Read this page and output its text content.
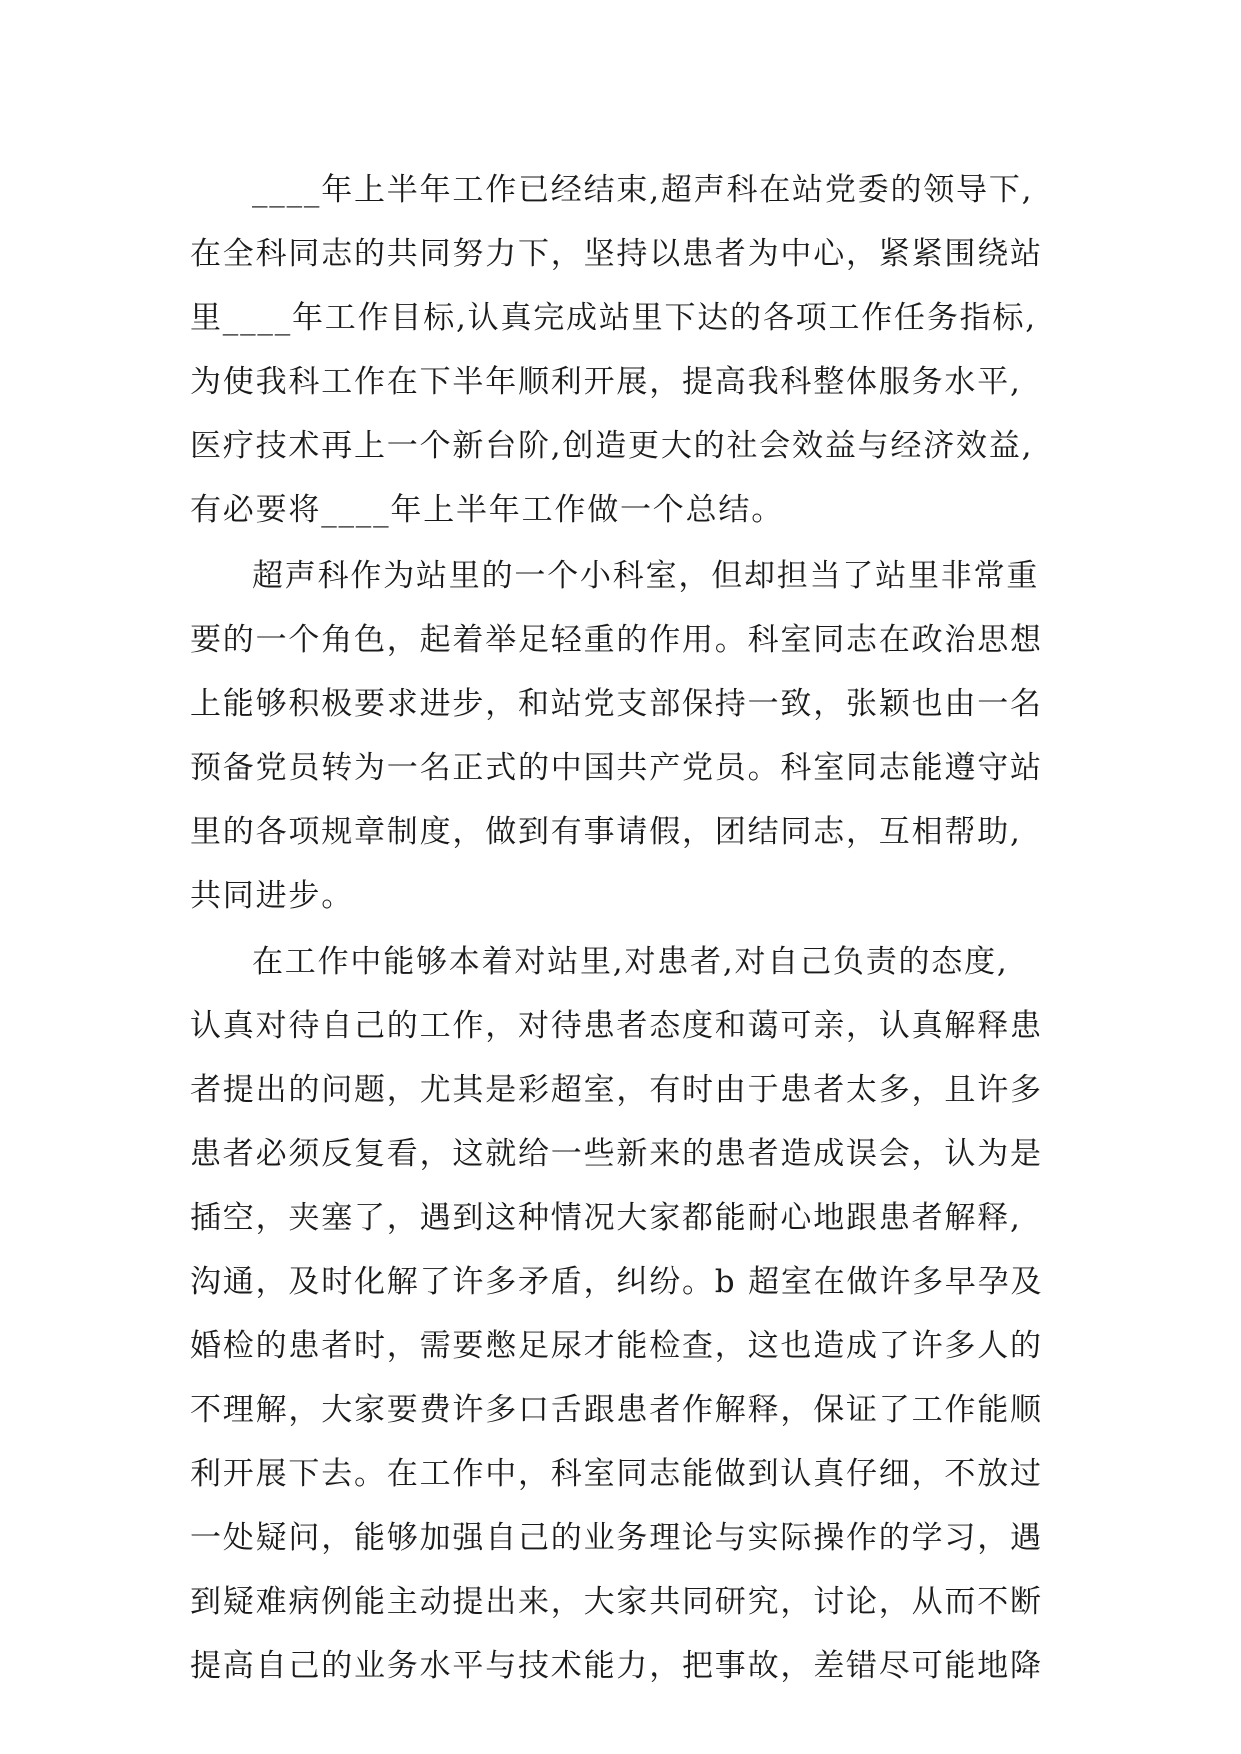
____年上半年工作已经结束,超声科在站党委的领导下,
在全科同志的共同努力下，坚持以患者为中心，紧紧围绕站
里____年工作目标,认真完成站里下达的各项工作任务指标,
为使我科工作在下半年顺利开展，提高我科整体服务水平,
医疗技术再上一个新台阶,创造更大的社会效益与经济效益,
有必要将____年上半年工作做一个总结。
超声科作为站里的一个小科室，但却担当了站里非常重
要的一个角色，起着举足轻重的作用。科室同志在政治思想
上能够积极要求进步，和站党支部保持一致，张颖也由一名
预备党员转为一名正式的中国共产党员。科室同志能遵守站
里的各项规章制度，做到有事请假，团结同志，互相帮助,
共同进步。
在工作中能够本着对站里,对患者,对自己负责的态度,
认真对待自己的工作，对待患者态度和蔼可亲，认真解释患
者提出的问题，尤其是彩超室，有时由于患者太多，且许多
患者必须反复看，这就给一些新来的患者造成误会，认为是
插空，夹塞了，遇到这种情况大家都能耐心地跟患者解释,
沟通，及时化解了许多矛盾，纠纷。b 超室在做许多早孕及
婚检的患者时，需要憋足尿才能检查，这也造成了许多人的
不理解，大家要费许多口舌跟患者作解释，保证了工作能顺
利开展下去。在工作中，科室同志能做到认真仔细，不放过
一处疑问，能够加强自己的业务理论与实际操作的学习，遇
到疑难病例能主动提出来，大家共同研究，讨论，从而不断
提高自己的业务水平与技术能力，把事故，差错尽可能地降
